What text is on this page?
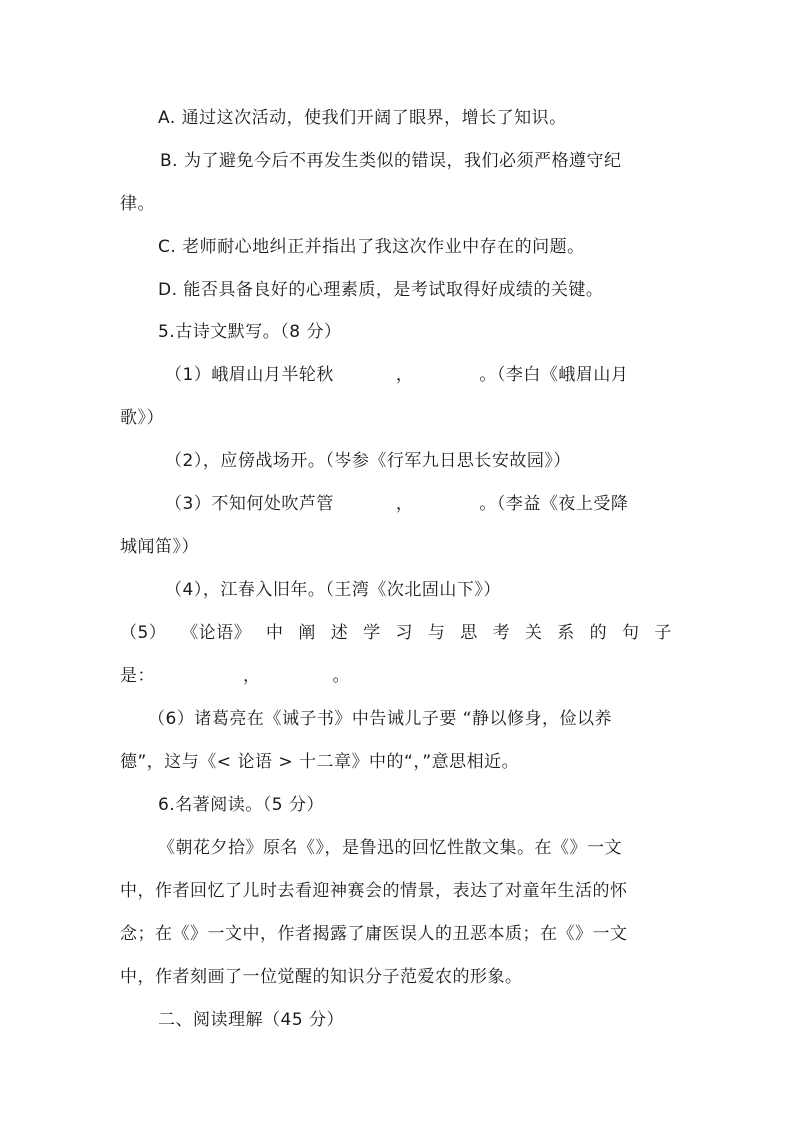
A. 通过这次活动，使我们开阔了眼界，增长了知识。
B. 为了避免今后不再发生类似的错误，我们必须严格遵守纪
律。
C. 老师耐心地纠正并指出了我这次作业中存在的问题。
D. 能否具备良好的心理素质，是考试取得好成绩的关键。
5.古诗文默写。（8 分）
（1）峨眉山月半轮秋	，	。（李白《峨眉山月
歌》）
（2），应傍战场开。（岑参《行军九日思长安故园》）
（3）不知何处吹芦管	，	。（李益《夜上受降
城闻笛》）
（4），江春入旧年。（王湾《次北固山下》）
（5） 《论语》 中 阐 述 学 习 与 思 考 关 系 的 句 子
是：	，	。
（6）诸葛亮在《诫子书》中告诫儿子要 “静以修身，俭以养
德”，这与《< 论语 > 十二章》中的“，”意思相近。
6.名著阅读。（5 分）
《朝花夕拾》原名《》，是鲁迅的回忆性散文集。在《》一文
中，作者回忆了儿时去看迎神赛会的情景，表达了对童年生活的怀
念；在《》一文中，作者揭露了庸医误人的丑恶本质；在《》一文
中，作者刻画了一位觉醒的知识分子范爱农的形象。
二、阅读理解（45 分）
